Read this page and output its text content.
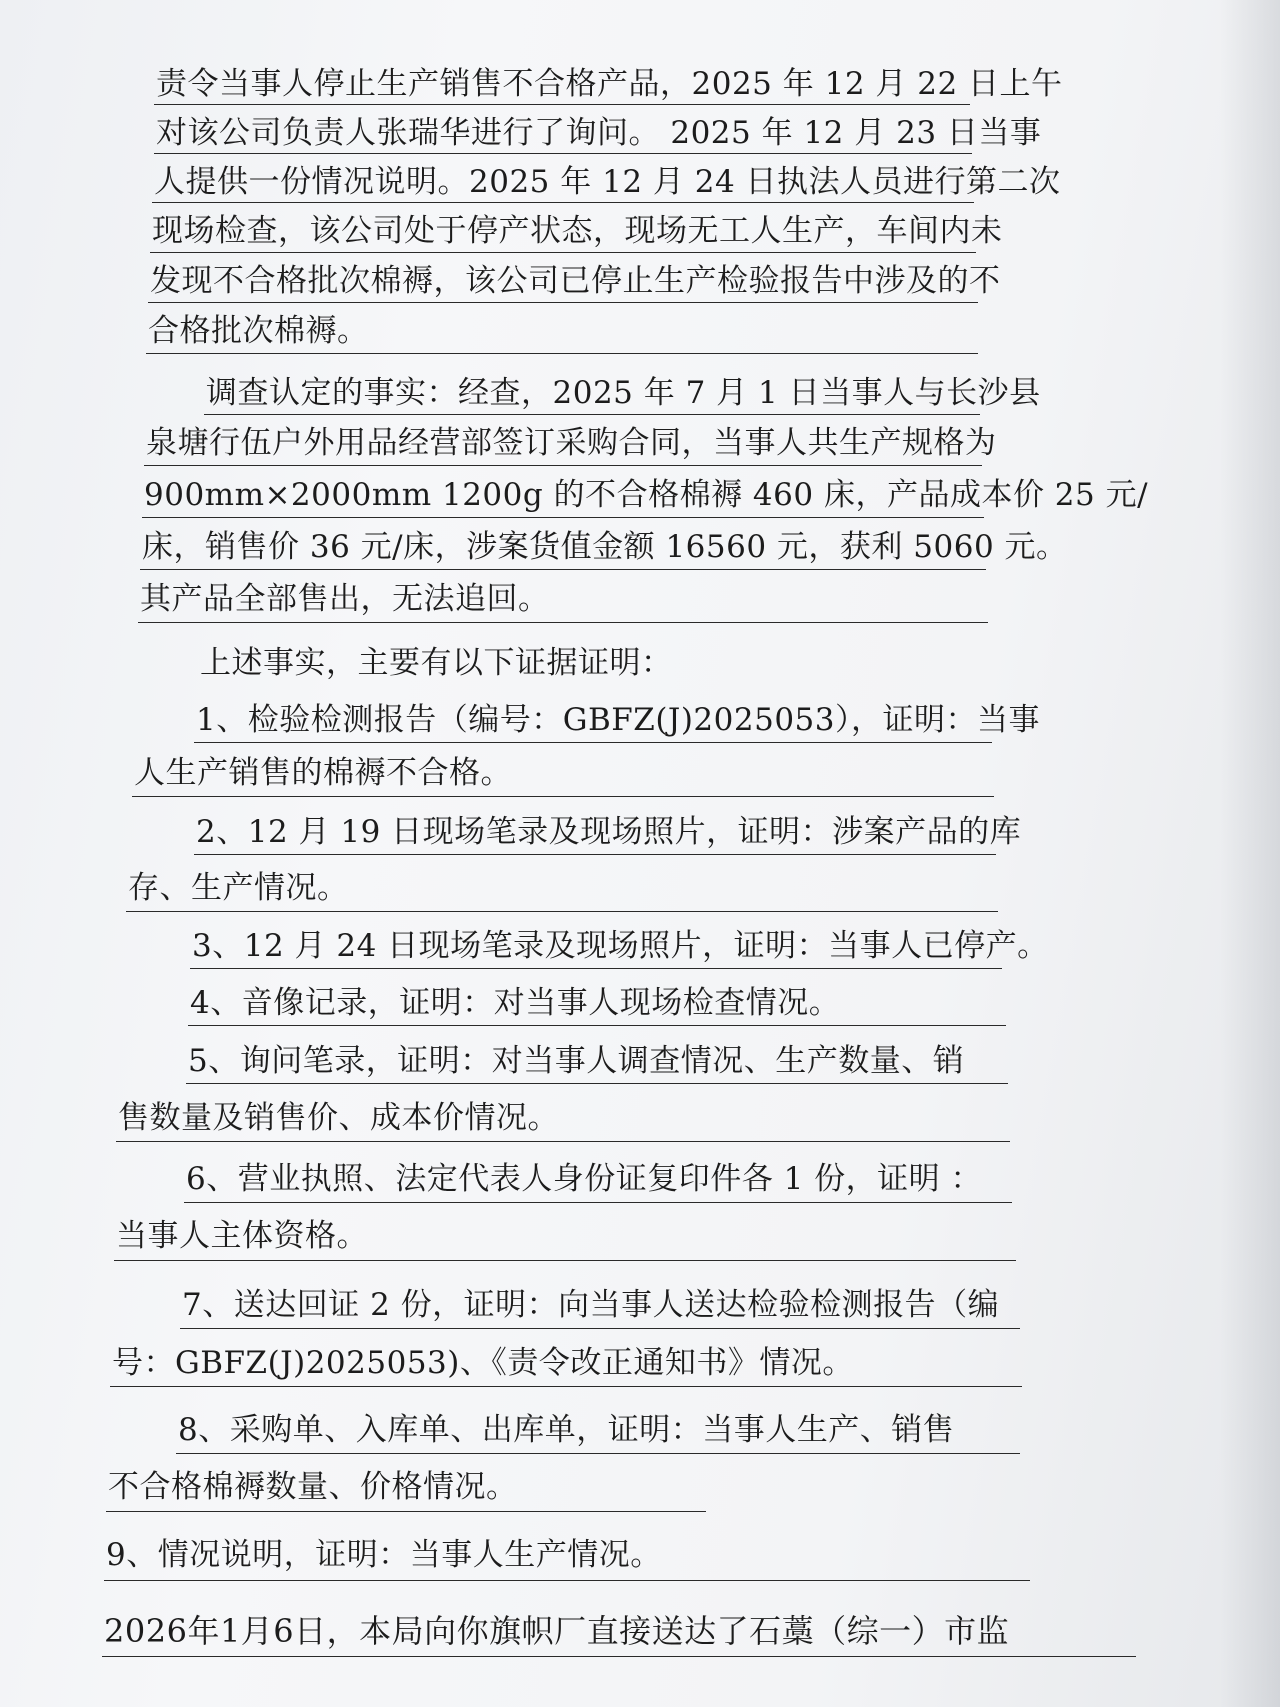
责令当事人停止生产销售不合格产品，2025 年 12 月 22 日上午
对该公司负责人张瑞华进行了询问。 2025 年 12 月 23 日当事
人提供一份情况说明。2025 年 12 月 24 日执法人员进行第二次
现场检查，该公司处于停产状态，现场无工人生产，车间内未
发现不合格批次棉褥，该公司已停止生产检验报告中涉及的不
合格批次棉褥。
调查认定的事实：经查，2025 年 7 月 1 日当事人与长沙县
泉塘行伍户外用品经营部签订采购合同，当事人共生产规格为
900mm×2000mm 1200g 的不合格棉褥 460 床，产品成本价 25 元/
床，销售价 36 元/床，涉案货值金额 16560 元，获利 5060 元。
其产品全部售出，无法追回。
上述事实，主要有以下证据证明：
1、检验检测报告（编号：GBFZ(J)2025053），证明：当事
人生产销售的棉褥不合格。
2、12 月 19 日现场笔录及现场照片，证明：涉案产品的库
存、生产情况。
3、12 月 24 日现场笔录及现场照片，证明：当事人已停产。
4、音像记录，证明：对当事人现场检查情况。
5、询问笔录，证明：对当事人调查情况、生产数量、销
售数量及销售价、成本价情况。
6、营业执照、法定代表人身份证复印件各 1 份，证明 ：
当事人主体资格。
7、送达回证 2 份，证明：向当事人送达检验检测报告（编
号：GBFZ(J)2025053)、《责令改正通知书》情况。
8、采购单、入库单、出库单，证明：当事人生产、销售
不合格棉褥数量、价格情况。
9、情况说明，证明：当事人生产情况。
2026年1月6日，本局向你旗帜厂直接送达了石藁（综一）市监
